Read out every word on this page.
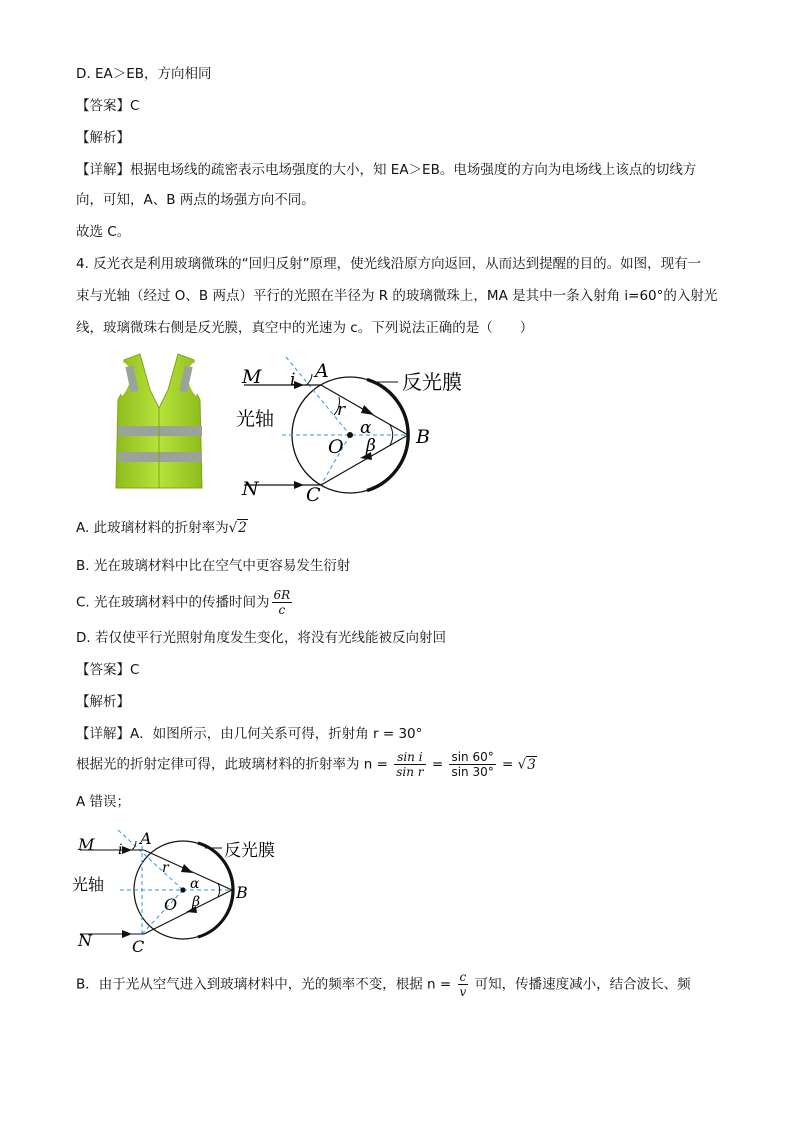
D. EA＞EB，方向相同
【答案】C
【解析】
【详解】根据电场线的疏密表示电场强度的大小，知 EA＞EB。电场强度的方向为电场线上该点的切线方
向，可知，A、B 两点的场强方向不同。
故选 C。
4. 反光衣是利用玻璃微珠的“回归反射”原理，使光线沿原方向返回，从而达到提醒的目的。如图，现有一
束与光轴（经过 O、B 两点）平行的光照在半径为 R 的玻璃微珠上，MA 是其中一条入射角 i=60°的入射光
线，玻璃微珠右侧是反光膜，真空中的光速为 c。下列说法正确的是（　　）
M
N
A
B
C
O
i
r
α
β
光轴
反光膜
A. 此玻璃材料的折射率为√2
B. 光在玻璃材料中比在空气中更容易发生衍射
C. 光在玻璃材料中的传播时间为 $\frac{6R}{c}$
D. 若仅使平行光照射角度发生变化，将没有光线能被反向射回
【答案】C
【解析】
【详解】A．如图所示，由几何关系可得，折射角 r = 30°
根据光的折射定律可得，此玻璃材料的折射率为 $n = \frac{\text{sin i}}{\text{sin r}} = \frac{\sin 60^\circ}{\sin 30^\circ} = √3$
A 错误；
M
N
A
B
C
O
i
r
α
β
光轴
反光膜
B．由于光从空气进入到玻璃材料中，光的频率不变，根据 $n = \frac{c}{v}$ 可知，传播速度减小，结合波长、频
